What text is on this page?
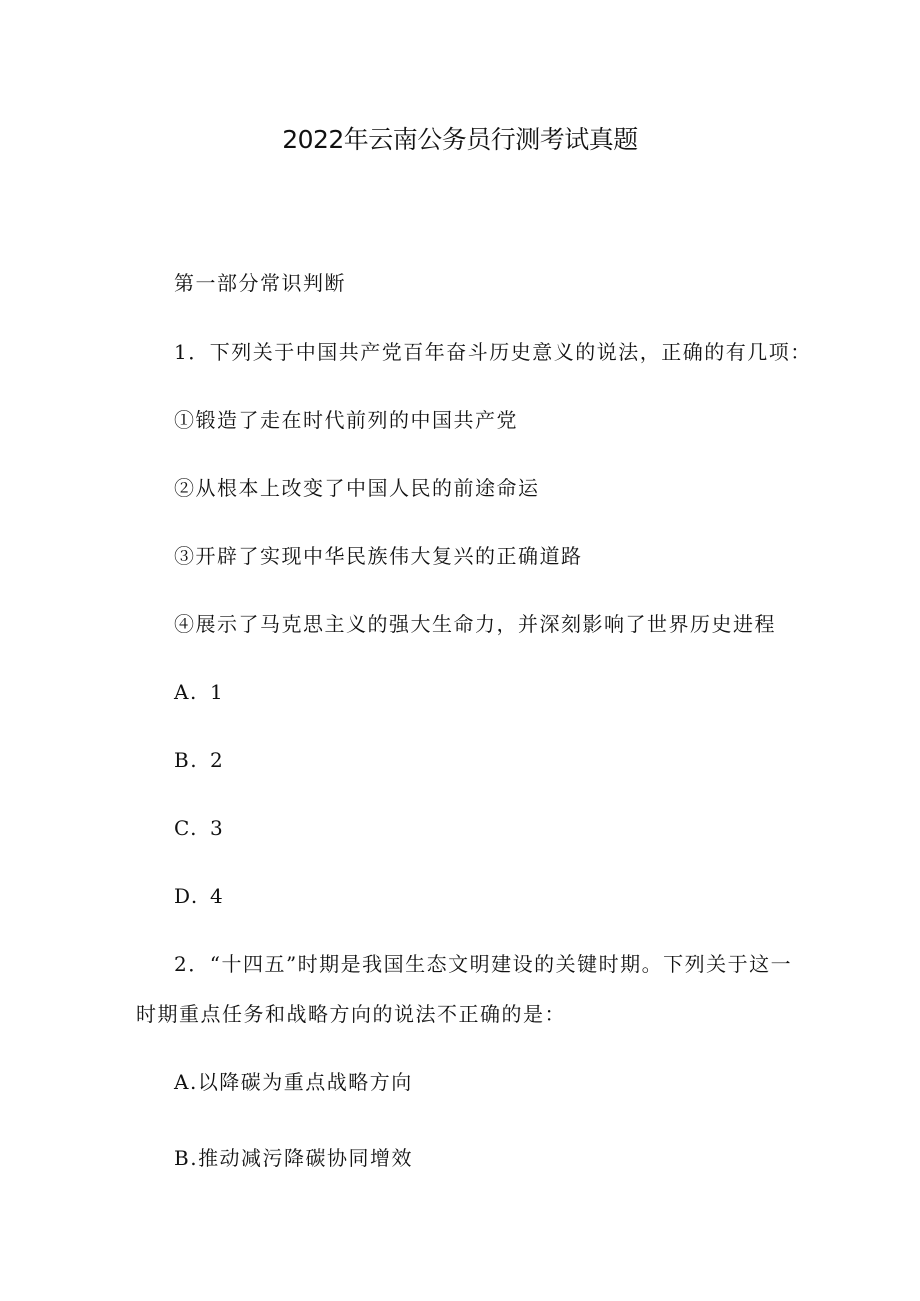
2022年云南公务员行测考试真题
第一部分常识判断
1．下列关于中国共产党百年奋斗历史意义的说法，正确的有几项：
①锻造了走在时代前列的中国共产党
②从根本上改变了中国人民的前途命运
③开辟了实现中华民族伟大复兴的正确道路
④展示了马克思主义的强大生命力，并深刻影响了世界历史进程
A. 1
B. 2
C. 3
D. 4
2．“十四五”时期是我国生态文明建设的关键时期。下列关于这一
时期重点任务和战略方向的说法不正确的是：
A.以降碳为重点战略方向
B.推动减污降碳协同增效
